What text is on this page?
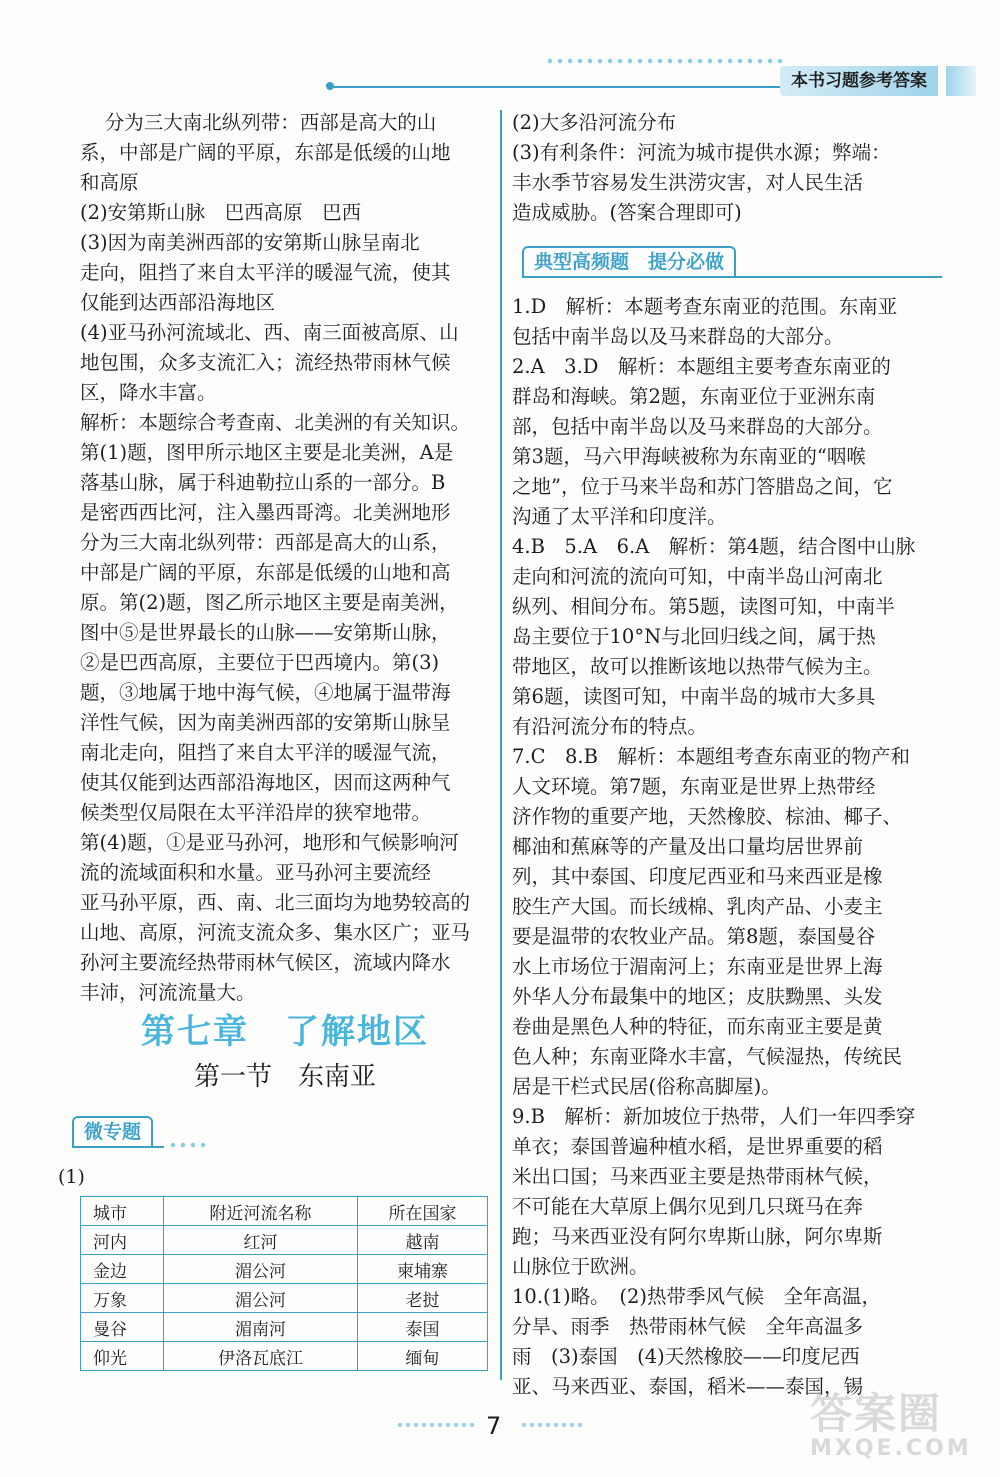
本书习题参考答案

分为三大南北纵列带：西部是高大的山

系，中部是广阔的平原，东部是低缓的山地

和高原

(2)安第斯山脉　巴西高原　巴西

(3)因为南美洲西部的安第斯山脉呈南北

走向，阻挡了来自太平洋的暖湿气流，使其

仅能到达西部沿海地区

(4)亚马孙河流域北、西、南三面被高原、山

地包围，众多支流汇入；流经热带雨林气候

区，降水丰富。

解析：本题综合考查南、北美洲的有关知识。

第(1)题，图甲所示地区主要是北美洲，A是

落基山脉，属于科迪勒拉山系的一部分。B

是密西西比河，注入墨西哥湾。北美洲地形

分为三大南北纵列带：西部是高大的山系，

中部是广阔的平原，东部是低缓的山地和高

原。第(2)题，图乙所示地区主要是南美洲，

图中⑤是世界最长的山脉——安第斯山脉，

②是巴西高原，主要位于巴西境内。第(3)

题，③地属于地中海气候，④地属于温带海

洋性气候，因为南美洲西部的安第斯山脉呈

南北走向，阻挡了来自太平洋的暖湿气流，

使其仅能到达西部沿海地区，因而这两种气

候类型仅局限在太平洋沿岸的狭窄地带。

第(4)题，①是亚马孙河，地形和气候影响河

流的流域面积和水量。亚马孙河主要流经

亚马孙平原，西、南、北三面均为地势较高的

山地、高原，河流支流众多、集水区广；亚马

孙河主要流经热带雨林气候区，流域内降水

丰沛，河流流量大。

第七章　了解地区
第一节　东南亚
微专题
(1)
城市	附近河流名称	所在国家
河内	红河	越南
金边	湄公河	柬埔寨
万象	湄公河	老挝
曼谷	湄南河	泰国
仰光	伊洛瓦底江	缅甸

(2)大多沿河流分布

(3)有利条件：河流为城市提供水源；弊端：

丰水季节容易发生洪涝灾害，对人民生活

造成威胁。(答案合理即可)

典型高频题　提分必做

1.D　解析：本题考查东南亚的范围。东南亚

包括中南半岛以及马来群岛的大部分。

2.A　3.D　解析：本题组主要考查东南亚的

群岛和海峡。第2题，东南亚位于亚洲东南

部，包括中南半岛以及马来群岛的大部分。

第3题，马六甲海峡被称为东南亚的“咽喉

之地”，位于马来半岛和苏门答腊岛之间，它

沟通了太平洋和印度洋。

4.B　5.A　6.A　解析：第4题，结合图中山脉

走向和河流的流向可知，中南半岛山河南北

纵列、相间分布。第5题，读图可知，中南半

岛主要位于10°N与北回归线之间，属于热

带地区，故可以推断该地以热带气候为主。

第6题，读图可知，中南半岛的城市大多具

有沿河流分布的特点。

7.C　8.B　解析：本题组考查东南亚的物产和

人文环境。第7题，东南亚是世界上热带经

济作物的重要产地，天然橡胶、棕油、椰子、

椰油和蕉麻等的产量及出口量均居世界前

列，其中泰国、印度尼西亚和马来西亚是橡

胶生产大国。而长绒棉、乳肉产品、小麦主

要是温带的农牧业产品。第8题，泰国曼谷

水上市场位于湄南河上；东南亚是世界上海

外华人分布最集中的地区；皮肤黝黑、头发

卷曲是黑色人种的特征，而东南亚主要是黄

色人种；东南亚降水丰富，气候湿热，传统民

居是干栏式民居(俗称高脚屋)。

9.B　解析：新加坡位于热带，人们一年四季穿

单衣；泰国普遍种植水稻，是世界重要的稻

米出口国；马来西亚主要是热带雨林气候，

不可能在大草原上偶尔见到几只斑马在奔

跑；马来西亚没有阿尔卑斯山脉，阿尔卑斯

山脉位于欧洲。

10.(1)略。　(2)热带季风气候　全年高温，

分旱、雨季　热带雨林气候　全年高温多

雨　(3)泰国　(4)天然橡胶——印度尼西

亚、马来西亚、泰国，稻米——泰国，锡

7	答案圈
MXQE.COM
